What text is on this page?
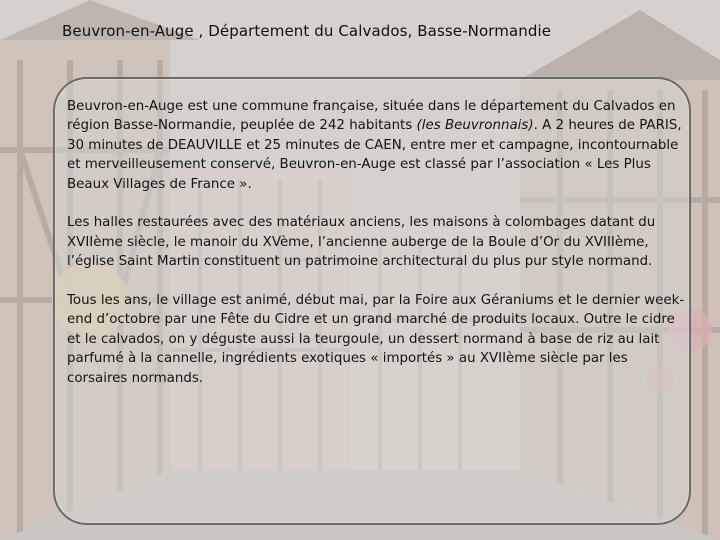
Beuvron-en-Auge , Département du Calvados, Basse-Normandie

Beuvron-en-Auge est une commune française, située dans le département du Calvados en région Basse-Normandie, peuplée de 242 habitants (les Beuvronnais). A 2 heures de PARIS, 30 minutes de DEAUVILLE et 25 minutes de CAEN, entre mer et campagne, incontournable et merveilleusement conservé, Beuvron-en-Auge est classé par l’association « Les Plus Beaux Villages de France ».

Les halles restaurées avec des matériaux anciens, les maisons à colombages datant du XVIIème siècle, le manoir du XVème, l’ancienne auberge de la Boule d’Or du XVIIIème, l’église Saint Martin constituent un patrimoine architectural du plus pur style normand.

Tous les ans, le village est animé, début mai, par la Foire aux Géraniums et le dernier week-end d’octobre par une Fête du Cidre et un grand marché de produits locaux. Outre le cidre et le calvados, on y déguste aussi la teurgoule, un dessert normand à base de riz au lait parfumé à la cannelle, ingrédients exotiques « importés » au XVIIème siècle par les corsaires normands.
